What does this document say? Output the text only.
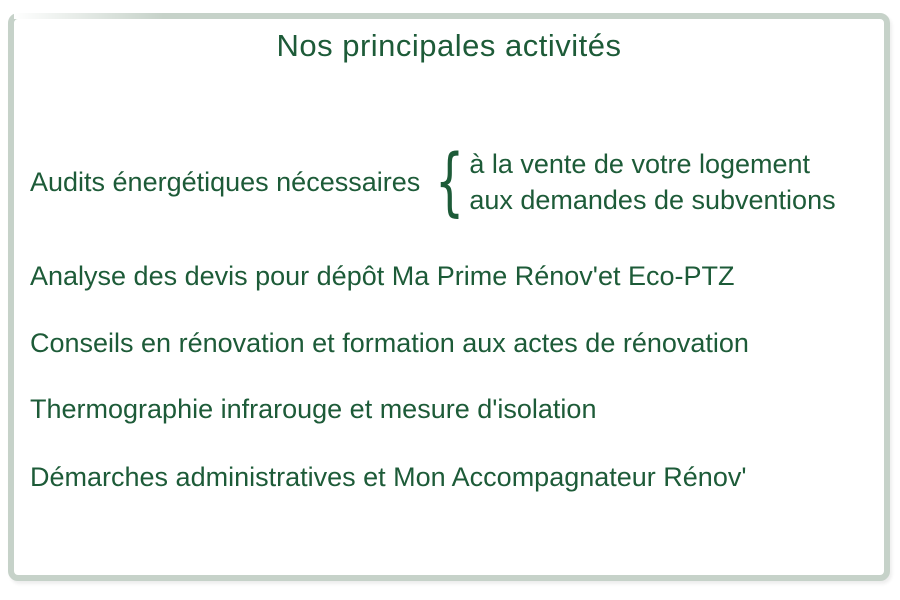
Nos principales activités
Audits énergétiques nécessaires { à la vente de votre logement
aux demandes de subventions
Analyse des devis pour dépôt Ma Prime Rénov'et Eco-PTZ
Conseils en rénovation et formation aux actes de rénovation
Thermographie infrarouge et mesure d'isolation
Démarches administratives et Mon Accompagnateur Rénov'
